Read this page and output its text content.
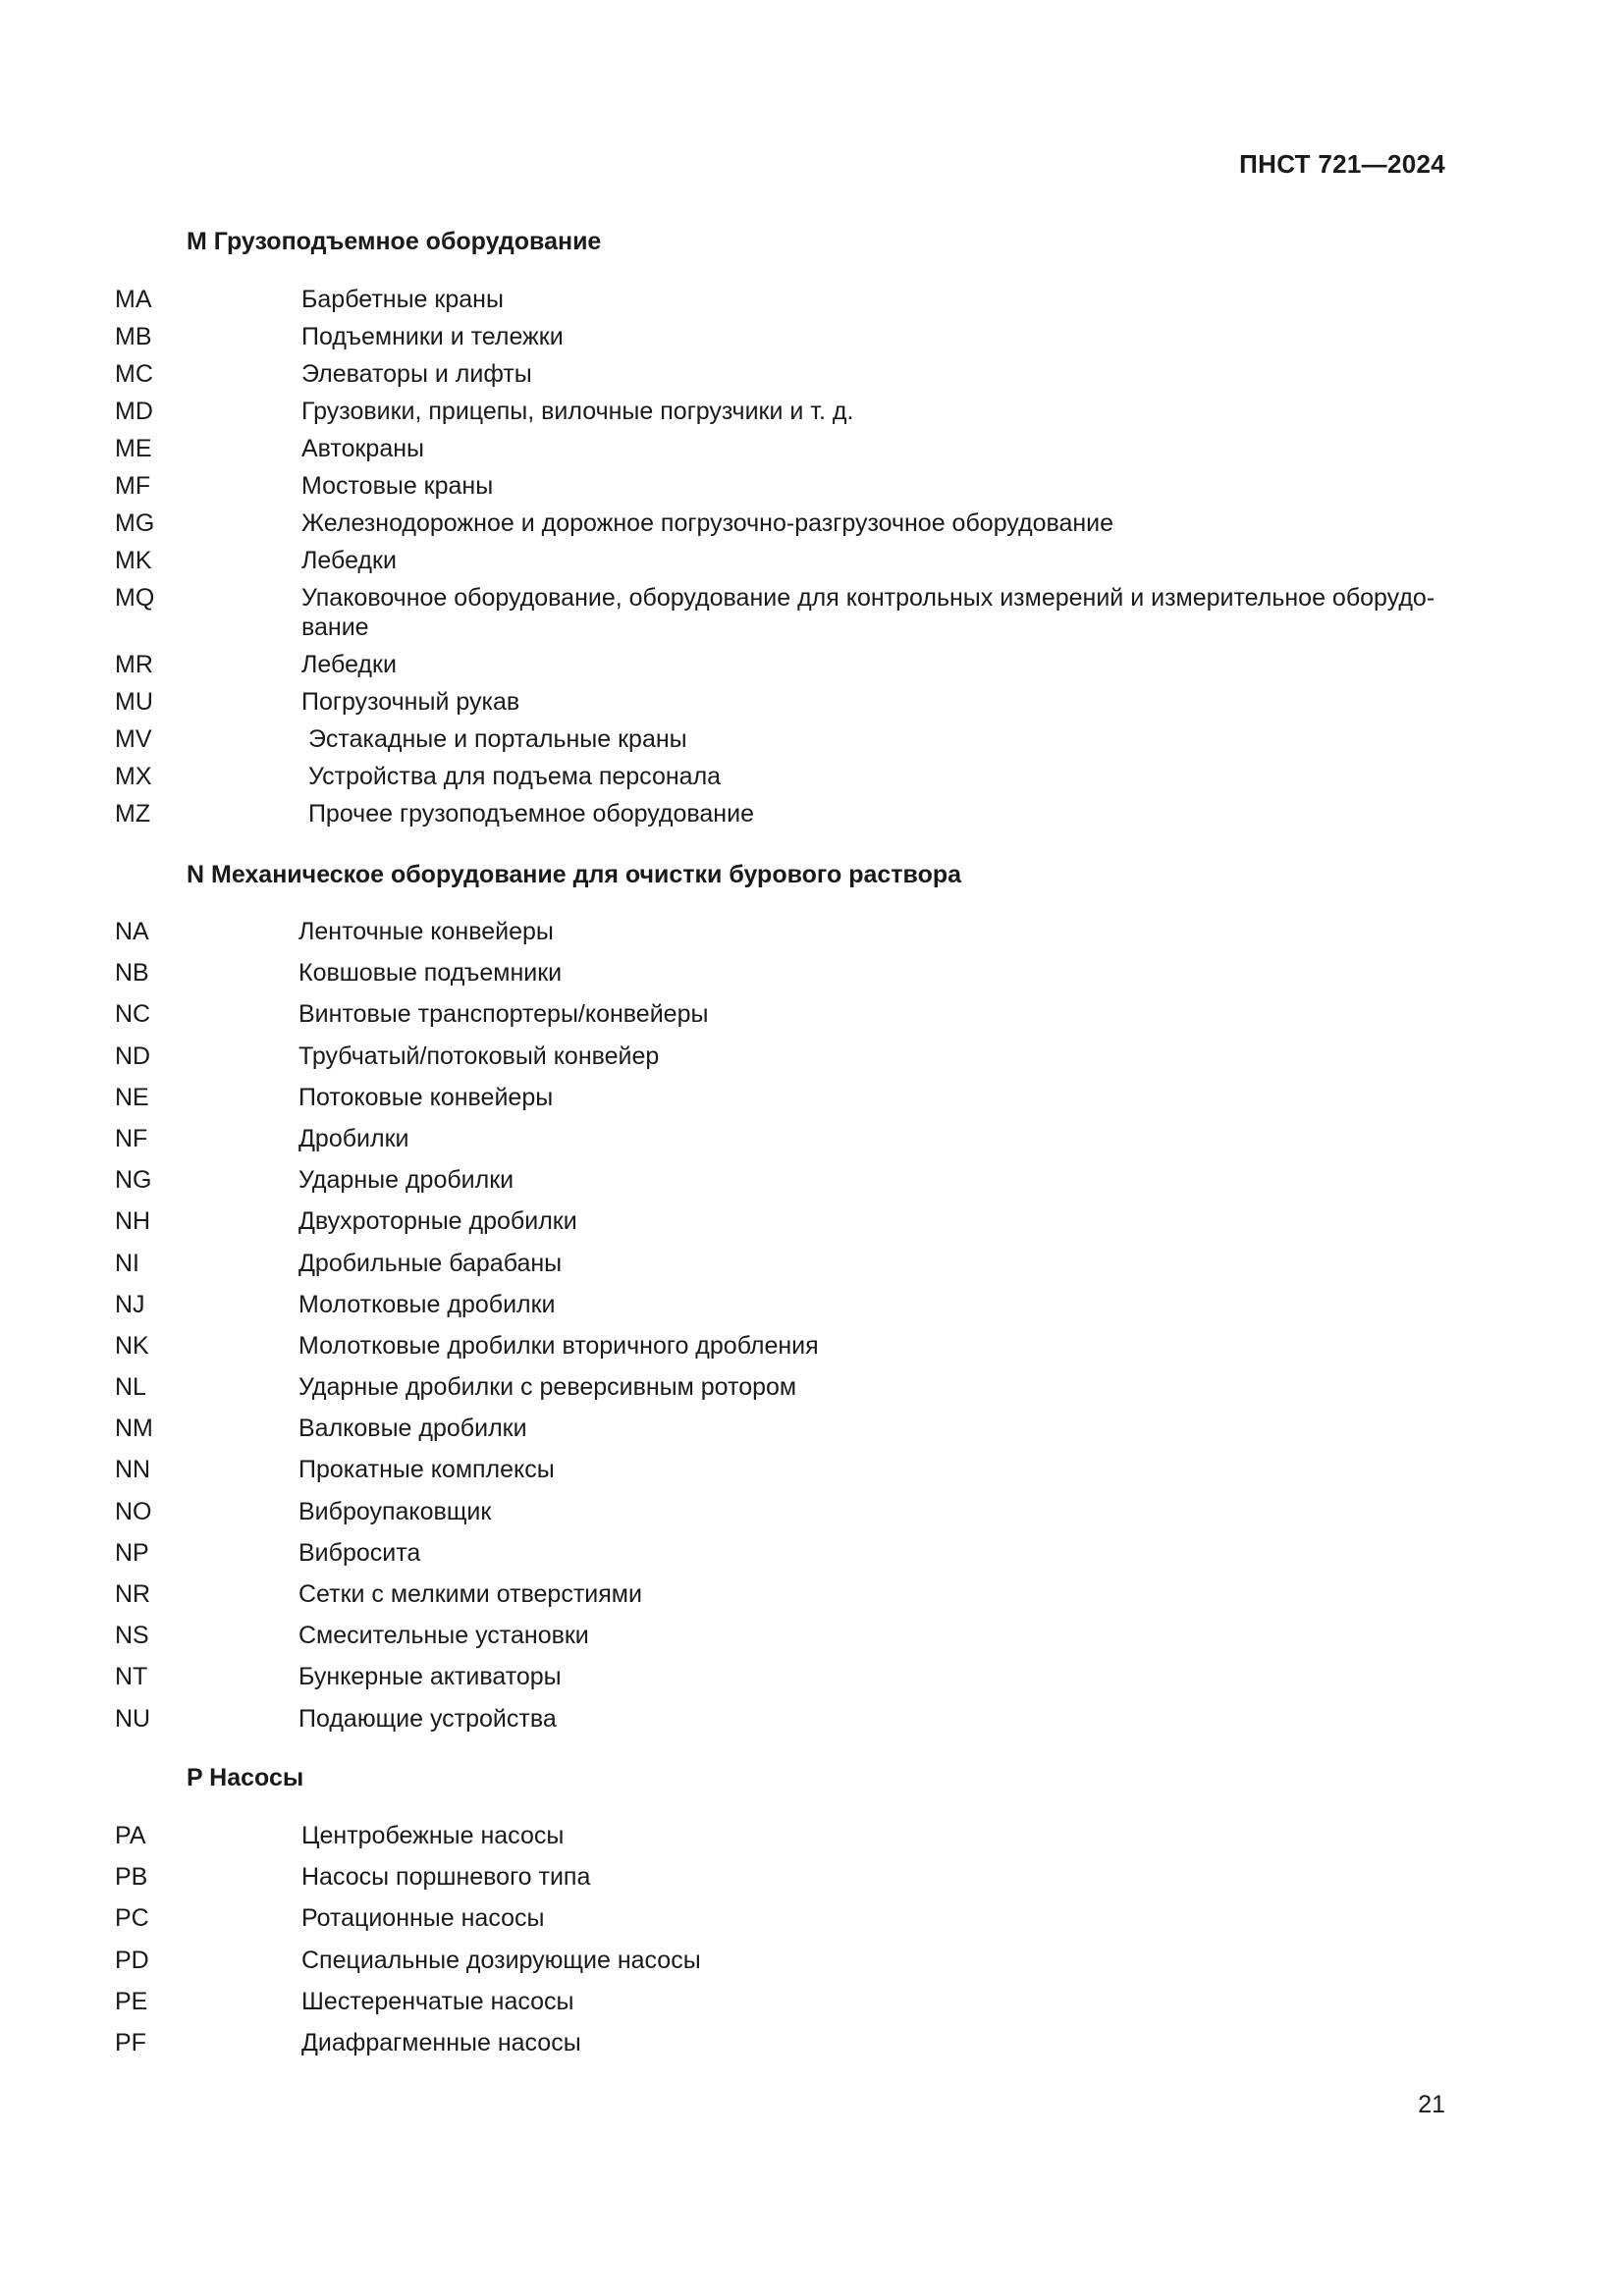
ПНСТ 721—2024
M Грузоподъемное оборудование
MA	Барбетные краны
MB	Подъемники и тележки
MC	Элеваторы и лифты
MD	Грузовики, прицепы, вилочные погрузчики и т. д.
ME	Автокраны
MF	Мостовые краны
MG	Железнодорожное и дорожное погрузочно-разгрузочное оборудование
MK	Лебедки
MQ	Упаковочное оборудование, оборудование для контрольных измерений и измерительное оборудо-
вание
MR	Лебедки
MU	Погрузочный рукав
MV	Эстакадные и портальные краны
MX	Устройства для подъема персонала
MZ	Прочее грузоподъемное оборудование
N Механическое оборудование для очистки бурового раствора
NA	Ленточные конвейеры
NB	Ковшовые подъемники
NC	Винтовые транспортеры/конвейеры
ND	Трубчатый/потоковый конвейер
NE	Потоковые конвейеры
NF	Дробилки
NG	Ударные дробилки
NH	Двухроторные дробилки
NI	Дробильные барабаны
NJ	Молотковые дробилки
NK	Молотковые дробилки вторичного дробления
NL	Ударные дробилки с реверсивным ротором
NM	Валковые дробилки
NN	Прокатные комплексы
NO	Виброупаковщик
NP	Вибросита
NR	Сетки с мелкими отверстиями
NS	Смесительные установки
NT	Бункерные активаторы
NU	Подающие устройства
P Насосы
PA	Центробежные насосы
PB	Насосы поршневого типа
PC	Ротационные насосы
PD	Специальные дозирующие насосы
PE	Шестеренчатые насосы
PF	Диафрагменные насосы
21
